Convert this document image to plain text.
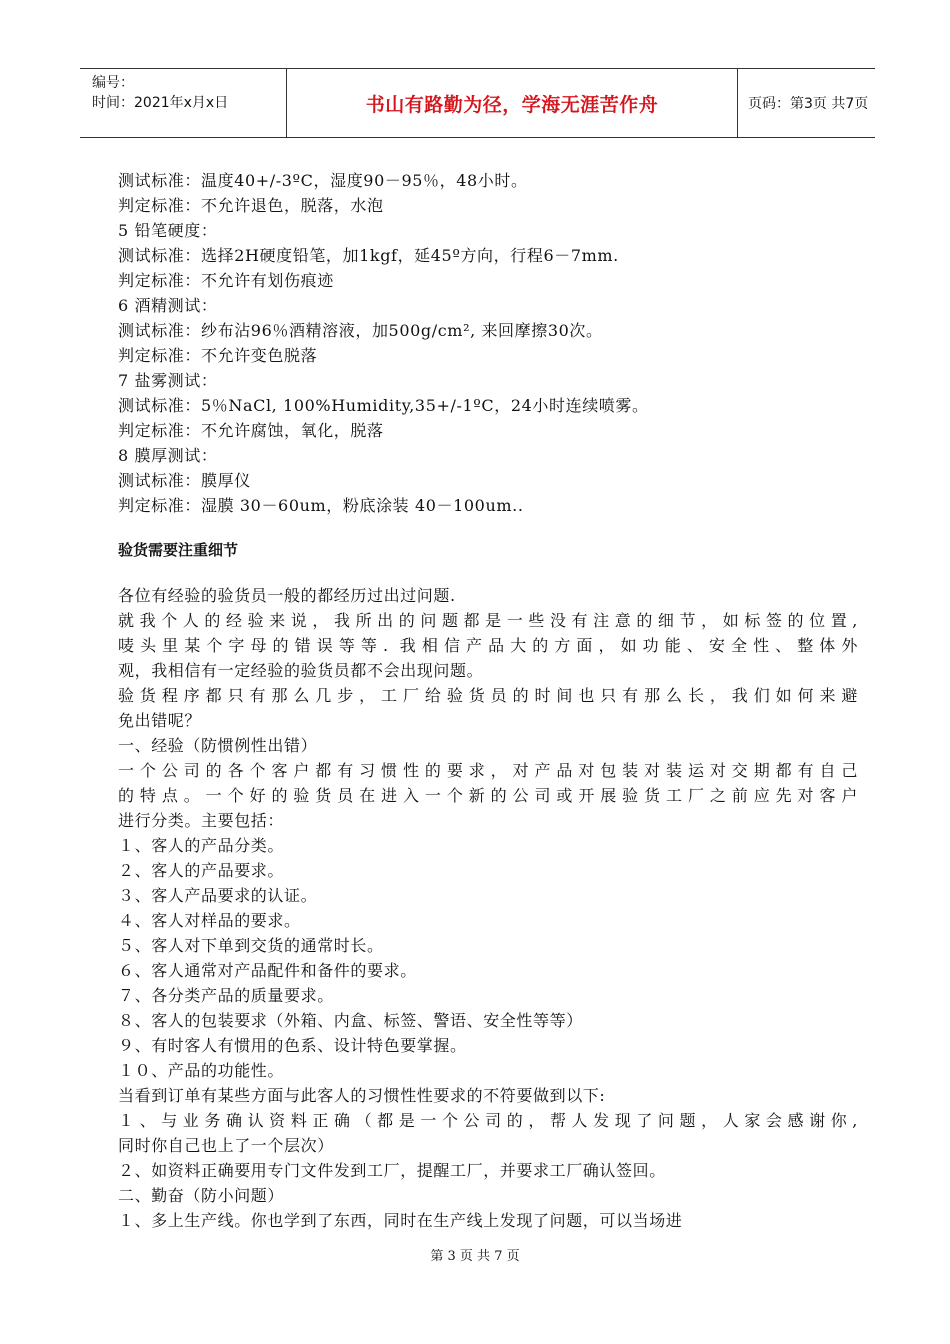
编号：
时间：2021年x月x日	书山有路勤为径，学海无涯苦作舟	页码：第3页 共7页
测试标准：温度40+/-3ºC，湿度90－95％，48小时。
判定标准：不允许退色，脱落，水泡
5 铅笔硬度：
测试标准：选择2H硬度铅笔，加1kgf，延45º方向，行程6－7mm.
判定标准：不允许有划伤痕迹
6 酒精测试：
测试标准：纱布沾96％酒精溶液，加500g/cm², 来回摩擦30次。
判定标准：不允许变色脱落
7 盐雾测试：
测试标准：5％NaCl, 100%Humidity,35+/-1ºC，24小时连续喷雾。
判定标准：不允许腐蚀，氧化，脱落
8 膜厚测试：
测试标准：膜厚仪
判定标准：湿膜 30－60um，粉底涂装 40－100um..
验货需要注重细节
各位有经验的验货员一般的都经历过出过问题.
就我个人的经验来说，我所出的问题都是一些没有注意的细节，如标签的位置,
唛头里某个字母的错误等等. 我相信产品大的方面，如功能、安全性、整体外
观，我相信有一定经验的验货员都不会出现问题。
验货程序都只有那么几步，工厂给验货员的时间也只有那么长，我们如何来避
免出错呢？
一、经验（防惯例性出错）
一个公司的各个客户都有习惯性的要求，对产品对包装对装运对交期都有自己
的特点。一个好的验货员在进入一个新的公司或开展验货工厂之前应先对客户
进行分类。主要包括：
１、客人的产品分类。
２、客人的产品要求。
３、客人产品要求的认证。
４、客人对样品的要求。
５、客人对下单到交货的通常时长。
６、客人通常对产品配件和备件的要求。
７、各分类产品的质量要求。
８、客人的包装要求（外箱、内盒、标签、警语、安全性等等）
９、有时客人有惯用的色系、设计特色要掌握。
１０、产品的功能性。
当看到订单有某些方面与此客人的习惯性性要求的不符要做到以下:
１、与业务确认资料正确（都是一个公司的，帮人发现了问题，人家会感谢你,
同时你自己也上了一个层次）
２、如资料正确要用专门文件发到工厂，提醒工厂，并要求工厂确认签回。
二、勤奋（防小问题）
１、多上生产线。你也学到了东西，同时在生产线上发现了问题，可以当场进
第 3 页 共 7 页
